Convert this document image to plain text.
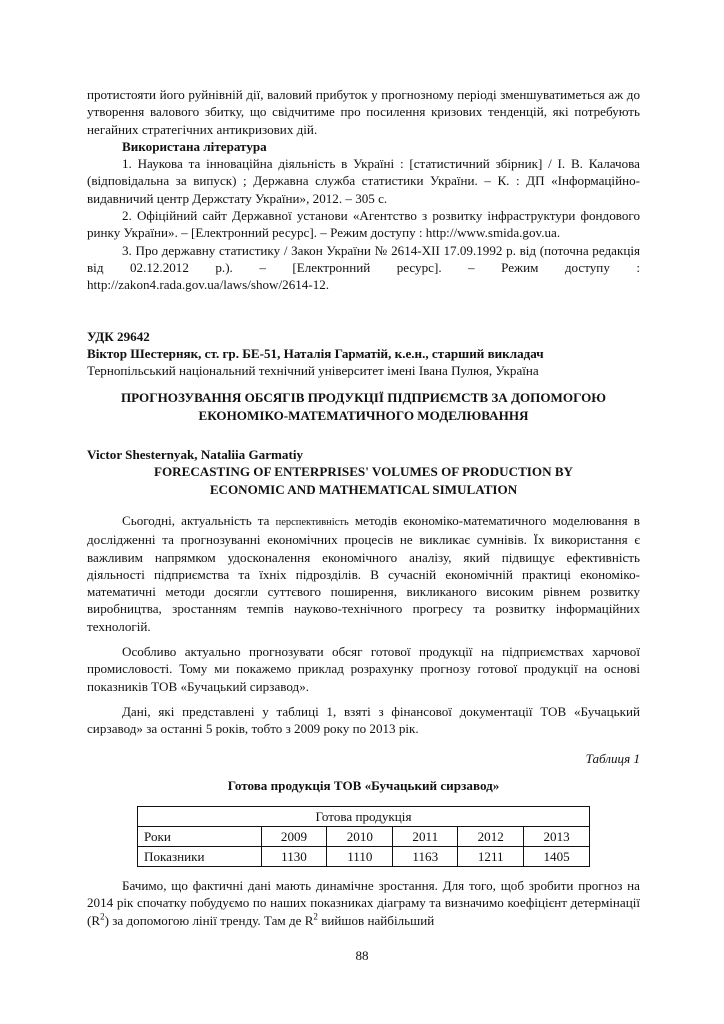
протистояти його руйнівній дії, валовий прибуток у прогнозному періоді зменшуватиметься аж до утворення валового збитку, що свідчитиме про посилення кризових тенденцій, які потребують негайних стратегічних антикризових дій.

Використана література

1. Наукова та інноваційна діяльність в Україні : [статистичний збірник] / І. В. Калачова (відповідальна за випуск) ; Державна служба статистики України. – К. : ДП «Інформаційно-видавничий центр Держстату України», 2012. – 305 с.

2. Офіційний сайт Державної установи «Агентство з розвитку інфраструктури фондового ринку України». – [Електронний ресурс]. – Режим доступу : http://www.smida.gov.ua.

3. Про державну статистику / Закон України № 2614-XII 17.09.1992 р. від (поточна редакція від 02.12.2012 р.). – [Електронний ресурс]. – Режим доступу : http://zakon4.rada.gov.ua/laws/show/2614-12.

УДК 29642

Віктор Шестерняк, ст. гр. БЕ-51, Наталія Гарматій, к.е.н., старший викладач

Тернопільський національний технічний університет імені Івана Пулюя, Україна

ПРОГНОЗУВАННЯ ОБСЯГІВ ПРОДУКЦІЇ ПІДПРИЄМСТВ ЗА ДОПОМОГОЮ ЕКОНОМІКО-МАТЕМАТИЧНОГО МОДЕЛЮВАННЯ

Victor Shesternyak, Nataliia Garmatiy

FORECASTING OF ENTERPRISES' VOLUMES OF PRODUCTION BY ECONOMIC AND MATHEMATICAL SIMULATION

Сьогодні, актуальність та перспективність методів економіко-математичного моделювання в дослідженні та прогнозуванні економічних процесів не викликає сумнівів. Їх використання є важливим напрямком удосконалення економічного аналізу, який підвищує ефективність діяльності підприємства та їхніх підрозділів. В сучасній економічній практиці економіко-математичні методи досягли суттєвого поширення, викликаного високим рівнем розвитку виробництва, зростанням темпів науково-технічного прогресу та розвитку інформаційних технологій.

Особливо актуально прогнозувати обсяг готової продукції на підприємствах харчової промисловості. Тому ми покажемо приклад розрахунку прогнозу готової продукції на основі показників ТОВ «Бучацький сирзавод».

Дані, які представлені у таблиці 1, взяті з фінансової документації ТОВ «Бучацький сирзавод» за останні 5 років, тобто з 2009 року по 2013 рік.

Таблиця 1

Готова продукція ТОВ «Бучацький сирзавод»

Готова продукція					
Роки	2009	2010	2011	2012	2013
Показники	1130	1110	1163	1211	1405

Бачимо, що фактичні дані мають динамічне зростання. Для того, щоб зробити прогноз на 2014 рік спочатку побудуємо по наших показниках діаграму та визначимо коефіцієнт детермінації $(R^2)$ за допомогою лінії тренду. Там де $R^2$ вийшов найбільший

88
